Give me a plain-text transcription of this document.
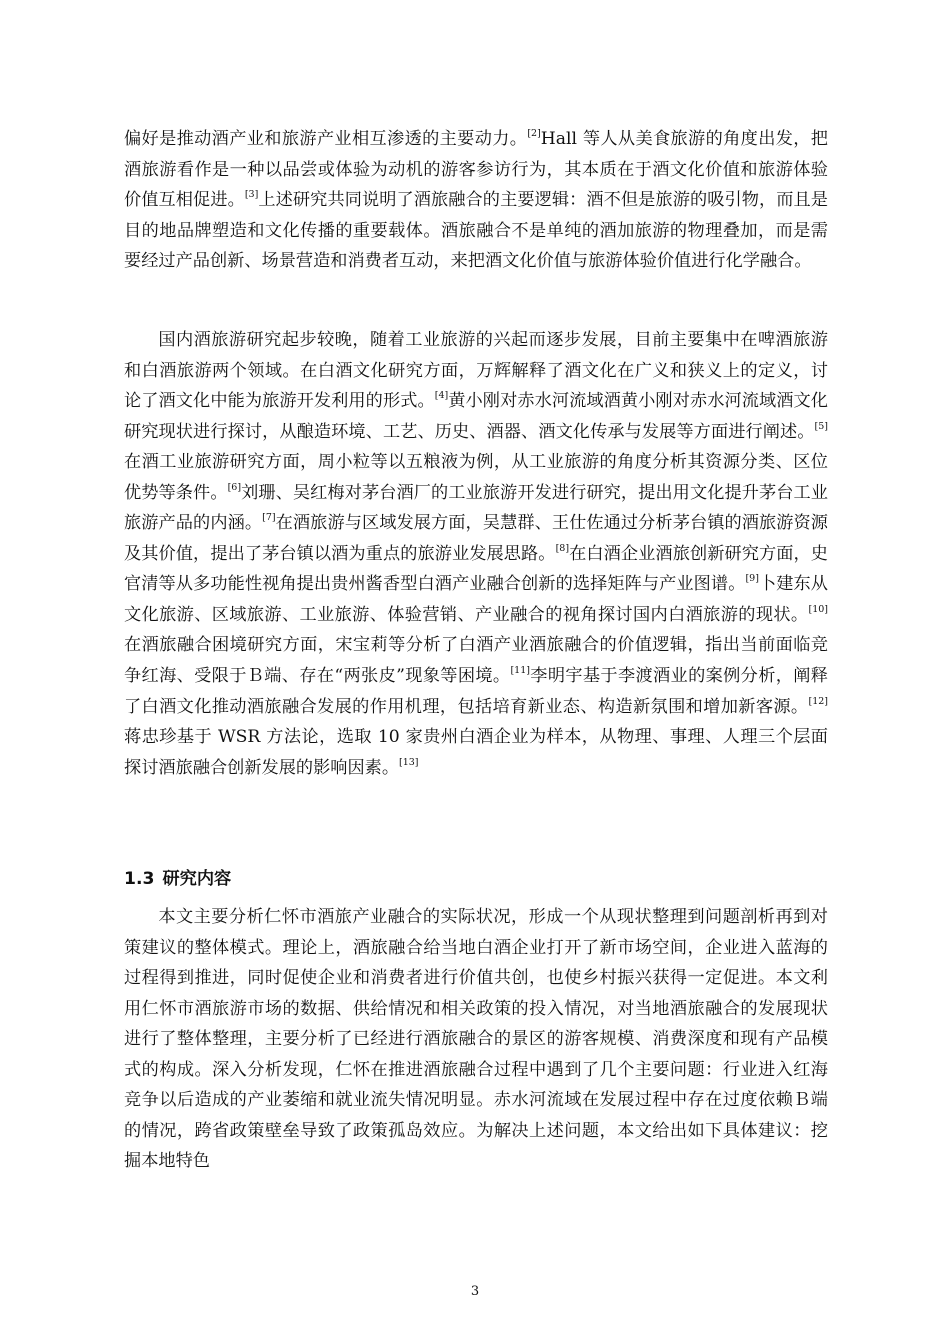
偏好是推动酒产业和旅游产业相互渗透的主要动力。[2]Hall 等人从美食旅游的角度出发，把酒旅游看作是一种以品尝或体验为动机的游客参访行为，其本质在于酒文化价值和旅游体验价值互相促进。[3]上述研究共同说明了酒旅融合的主要逻辑：酒不但是旅游的吸引物，而且是目的地品牌塑造和文化传播的重要载体。酒旅融合不是单纯的酒加旅游的物理叠加，而是需要经过产品创新、场景营造和消费者互动，来把酒文化价值与旅游体验价值进行化学融合。

国内酒旅游研究起步较晚，随着工业旅游的兴起而逐步发展，目前主要集中在啤酒旅游和白酒旅游两个领域。在白酒文化研究方面，万辉解释了酒文化在广义和狭义上的定义，讨论了酒文化中能为旅游开发利用的形式。[4]黄小刚对赤水河流域酒黄小刚对赤水河流域酒文化研究现状进行探讨，从酿造环境、工艺、历史、酒器、酒文化传承与发展等方面进行阐述。[5]在酒工业旅游研究方面，周小粒等以五粮液为例，从工业旅游的角度分析其资源分类、区位优势等条件。[6]刘珊、吴红梅对茅台酒厂的工业旅游开发进行研究，提出用文化提升茅台工业旅游产品的内涵。[7]在酒旅游与区域发展方面，吴慧群、王仕佐通过分析茅台镇的酒旅游资源及其价值，提出了茅台镇以酒为重点的旅游业发展思路。[8]在白酒企业酒旅创新研究方面，史官清等从多功能性视角提出贵州酱香型白酒产业融合创新的选择矩阵与产业图谱。[9]卜建东从文化旅游、区域旅游、工业旅游、体验营销、产业融合的视角探讨国内白酒旅游的现状。[10]在酒旅融合困境研究方面，宋宝莉等分析了白酒产业酒旅融合的价值逻辑，指出当前面临竞争红海、受限于Ｂ端、存在“两张皮”现象等困境。[11]李明宇基于李渡酒业的案例分析，阐释了白酒文化推动酒旅融合发展的作用机理，包括培育新业态、构造新氛围和增加新客源。[12]蒋忠珍基于 WSR 方法论，选取 10 家贵州白酒企业为样本，从物理、事理、人理三个层面探讨酒旅融合创新发展的影响因素。[13]

1.3 研究内容

本文主要分析仁怀市酒旅产业融合的实际状况，形成一个从现状整理到问题剖析再到对策建议的整体模式。理论上，酒旅融合给当地白酒企业打开了新市场空间，企业进入蓝海的过程得到推进，同时促使企业和消费者进行价值共创，也使乡村振兴获得一定促进。本文利用仁怀市酒旅游市场的数据、供给情况和相关政策的投入情况，对当地酒旅融合的发展现状进行了整体整理，主要分析了已经进行酒旅融合的景区的游客规模、消费深度和现有产品模式的构成。深入分析发现，仁怀在推进酒旅融合过程中遇到了几个主要问题：行业进入红海竞争以后造成的产业萎缩和就业流失情况明显。赤水河流域在发展过程中存在过度依赖Ｂ端的情况，跨省政策壁垒导致了政策孤岛效应。为解决上述问题，本文给出如下具体建议：挖掘本地特色

3
